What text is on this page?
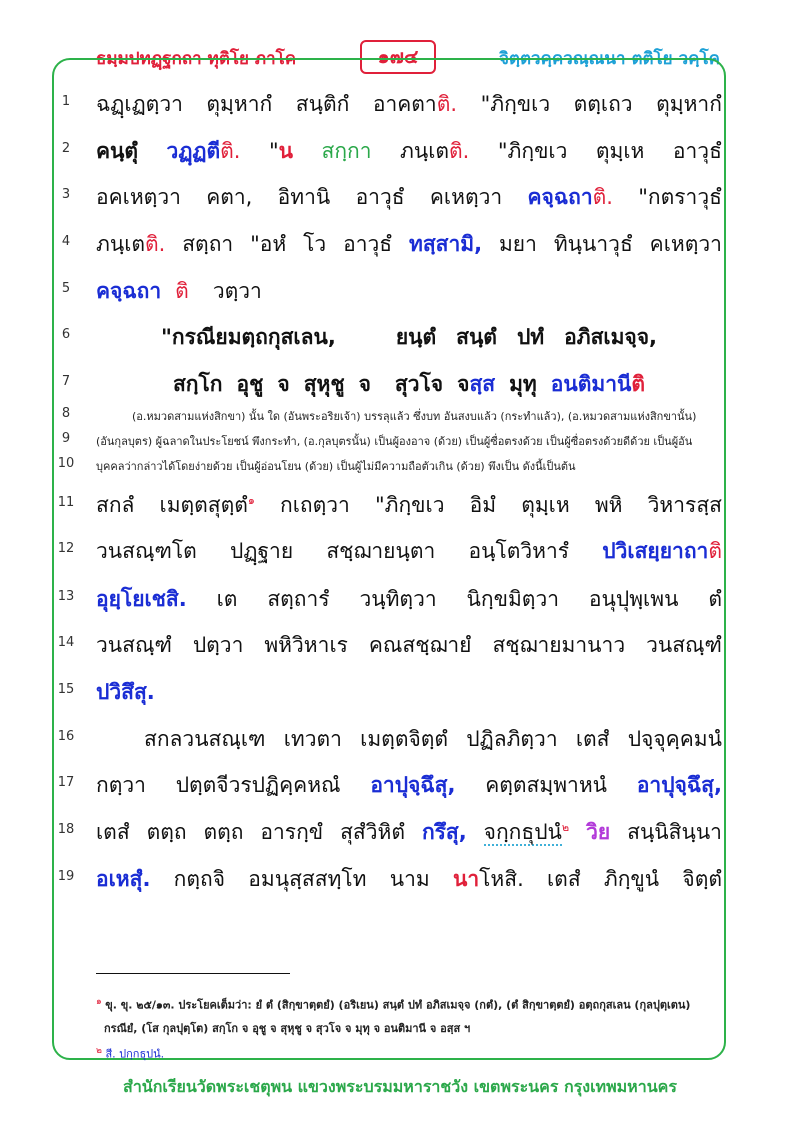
ธมฺมปทฏฺฐกถา ทุติโย ภาโค	๑๗๔	จิตฺตวคฺควณฺณนา ตติโย วคฺโค
1
2
3
4
5
6
7
8
9
10
11
12
13
14
15
16
17
18
19
ฉฏฺเฏตฺวา ตุมฺหากํ สนฺติกํ อาคตาติ. "ภิกฺขเว ตตฺเถว ตุมฺหากํ
คนฺตุํ วฏฺฏตีติ. "น สกฺกา ภนฺเตติ. "ภิกฺขเว ตุมฺเห อาวุธํ
อคเหตฺวา คตา, อิทานิ อาวุธํ คเหตฺวา คจฺฉถาติ. "กตราวุธํ
ภนฺเตติ. สตฺถา "อหํ โว อาวุธํ ทสฺสามิ, มยา ทินฺนาวุธํ คเหตฺวา
คจฺฉถา ติ วตฺวา
"กรณียมตฺถกุสเลน,	ยนฺตํ สนฺตํ ปทํ อภิสเมจฺจ,
สกฺโก อุชู จ สุหุชู จ สุวโจ จสฺส มุทุ อนติมานีติ
(อ.หมวดสามแห่งสิกขา) นั้น ใด (อันพระอริยเจ้า) บรรลุแล้ว ซึ่งบท อันสงบแล้ว (กระทำแล้ว), (อ.หมวดสามแห่งสิกขานั้น)
(อันกุลบุตร) ผู้ฉลาดในประโยชน์ พึงกระทำ, (อ.กุลบุตรนั้น) เป็นผู้องอาจ (ด้วย) เป็นผู้ซื่อตรงด้วย เป็นผู้ซื่อตรงด้วยดีด้วย เป็นผู้อัน
บุคคลว่ากล่าวได้โดยง่ายด้วย เป็นผู้อ่อนโยน (ด้วย) เป็นผู้ไม่มีความถือตัวเกิน (ด้วย) พึงเป็น ดังนี้เป็นต้น
สกลํ เมตฺตสุตฺตํ$^๑$ กเถตฺวา "ภิกฺขเว อิมํ ตุมฺเห พหิ วิหารสฺส
วนสณฺฑโต ปฏฺฐาย สชฺฌายนฺตา อนฺโตวิหารํ ปวิเสยฺยาถาติ
อุยฺโยเชสิ. เต สตฺถารํ วนฺทิตฺวา นิกฺขมิตฺวา อนุปุพฺเพน ตํ
วนสณฺฑํ ปตฺวา พหิวิหาเร คณสชฺฌายํ สชฺฌายมานาว วนสณฺฑํ
ปวิสึสุ.
สกลวนสณฺเฑ เทวตา เมตฺตจิตฺตํ ปฏิลภิตฺวา เตสํ ปจฺจุคฺคมนํ
กตฺวา ปตฺตจีวรปฏิคฺคหณํ อาปุจฺฉึสุ, คตฺตสมฺพาหนํ อาปุจฺฉึสุ,
เตสํ ตตฺถ ตตฺถ อารกฺขํ สุสํวิหิตํ กรึสุ, จกฺกธุปนํ$^๒$ วิย สนฺนิสินฺนา
อเหสุํ. กตฺถจิ อมนุสฺสสทฺโท นาม นาโหสิ. เตสํ ภิกฺขูนํ จิตฺตํ
$^๑$ ขุ. ขุ. ๒๕/๑๓. ประโยคเต็มว่า: ยํ ตํ (สิกฺขาตฺตยํ) (อริเยน) สนฺตํ ปทํ อภิสเมจฺจ (กตํ), (ตํ สิกฺขาตฺตยํ) อตฺถกุสเลน (กุลปุตฺเตน)
กรณียํ, (โส กุลปุตฺโต) สกฺโก จ อุชู จ สุหุชู จ สุวโจ จ มุทุ จ อนติมานี จ อสฺส ฯ
$^๒$ สี. ปกฺกธุปนํ.
สำนักเรียนวัดพระเชตุพน แขวงพระบรมมหาราชวัง เขตพระนคร กรุงเทพมหานคร
